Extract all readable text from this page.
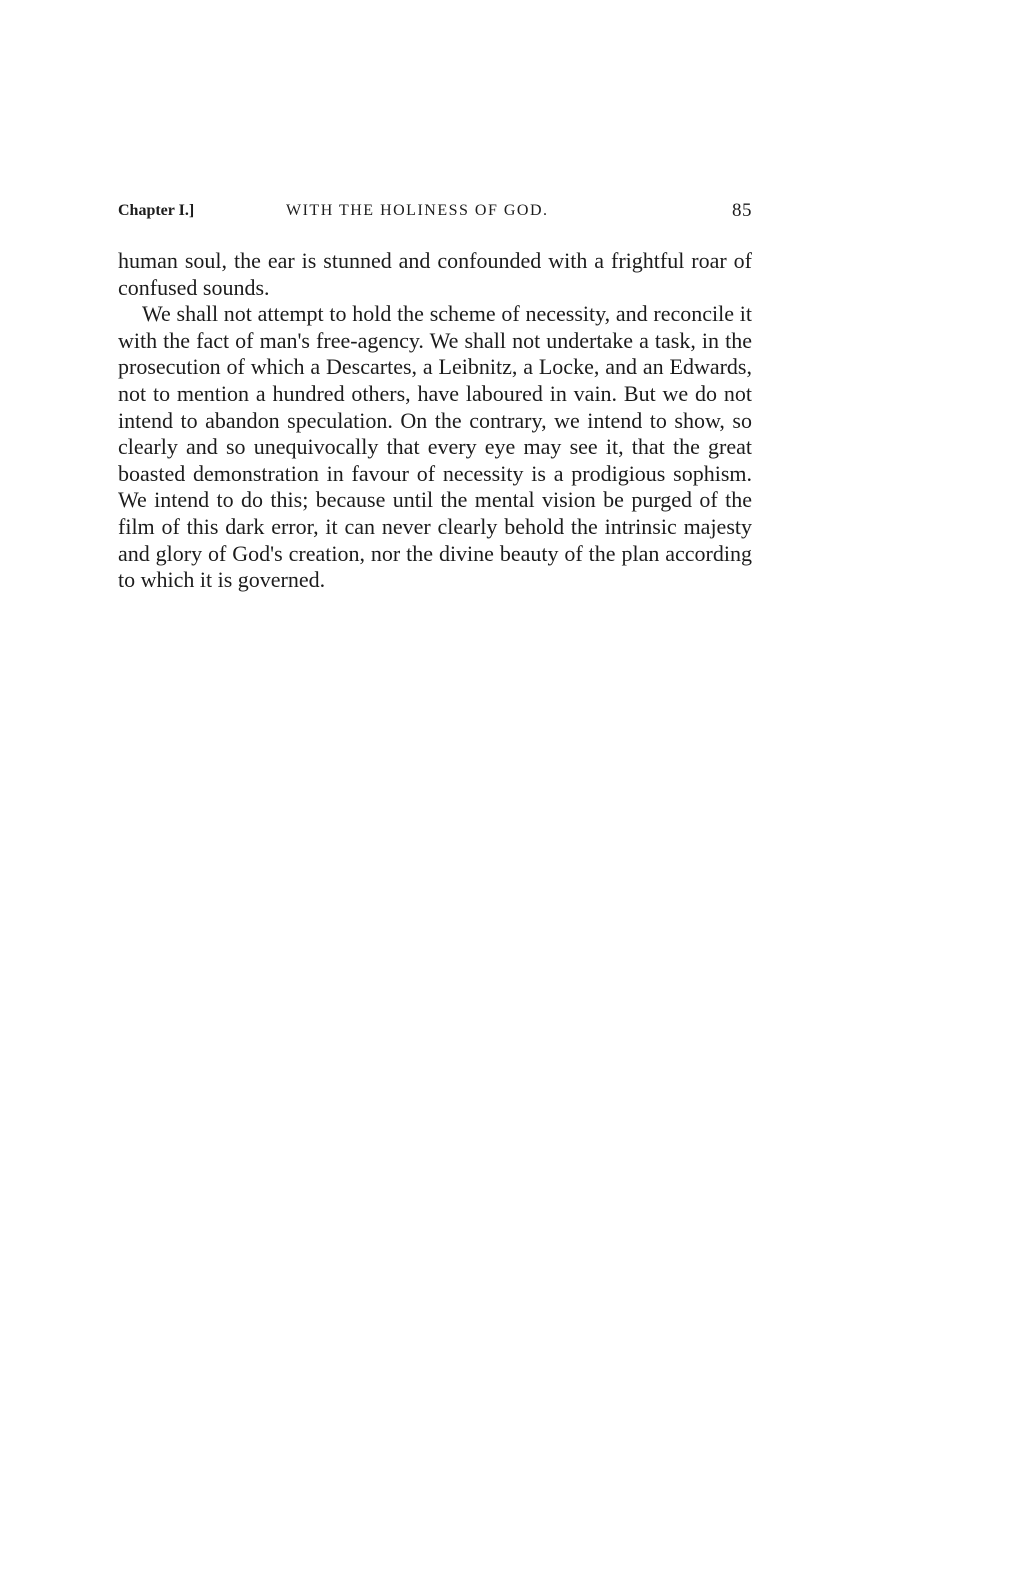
Chapter I.]	WITH THE HOLINESS OF GOD.	85

human soul, the ear is stunned and confounded with a frightful roar of confused sounds.

We shall not attempt to hold the scheme of necessity, and reconcile it with the fact of man's free-agency. We shall not undertake a task, in the prosecution of which a Descartes, a Leibnitz, a Locke, and an Edwards, not to mention a hundred others, have laboured in vain. But we do not intend to abandon speculation. On the contrary, we intend to show, so clearly and so unequivocally that every eye may see it, that the great boasted demonstration in favour of necessity is a prodigious sophism. We intend to do this; because until the mental vision be purged of the film of this dark error, it can never clearly behold the intrinsic majesty and glory of God's creation, nor the divine beauty of the plan according to which it is governed.
